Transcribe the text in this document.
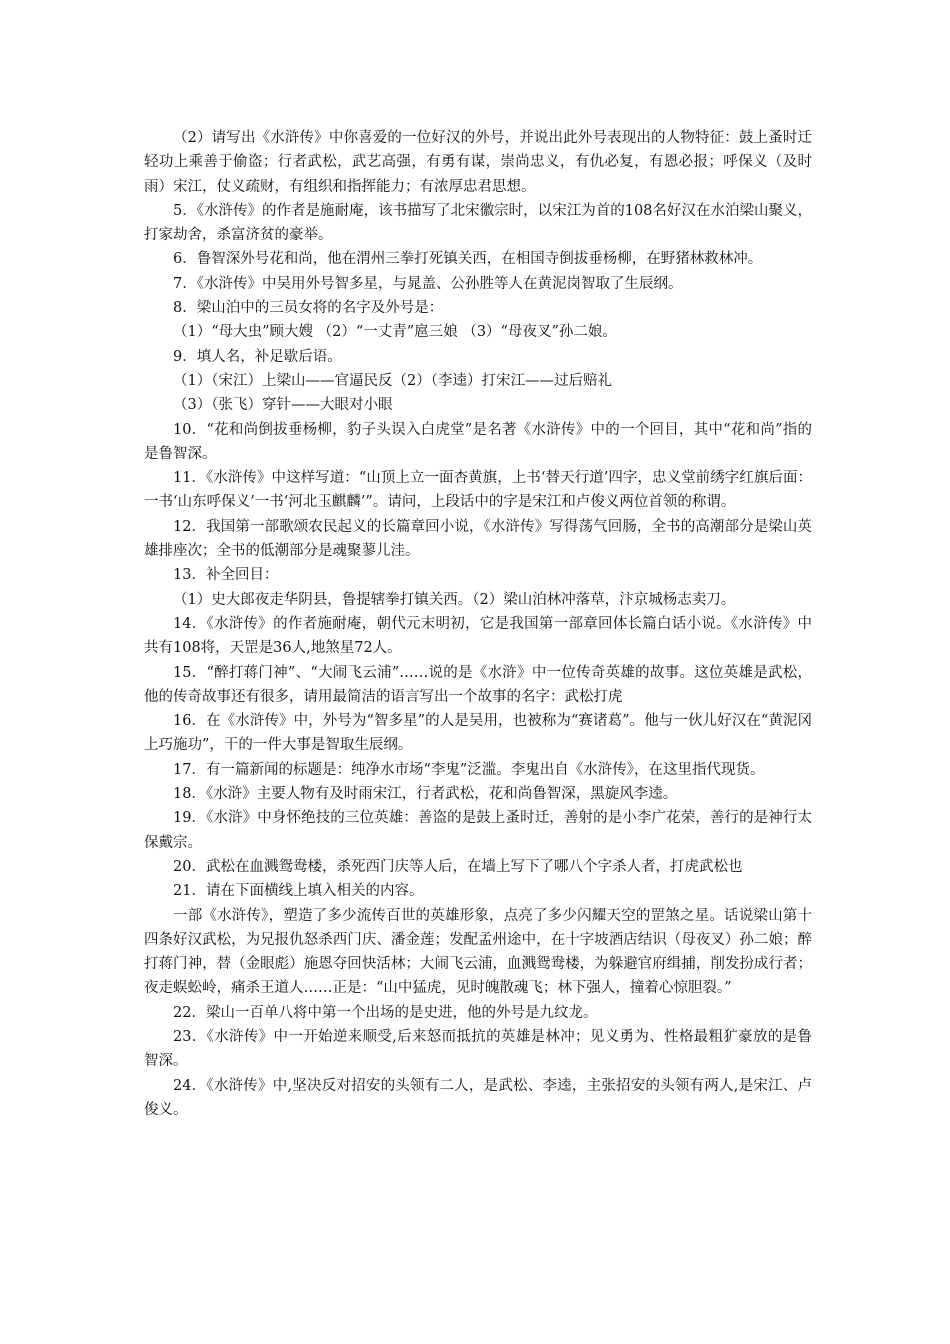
（2）请写出《水浒传》中你喜爱的一位好汉的外号，并说出此外号表现出的人物特征：鼓上蚤时迁轻功上乘善于偷盗；行者武松，武艺高强，有勇有谋，崇尚忠义，有仇必复，有恩必报；呼保义（及时雨）宋江，仗义疏财，有组织和指挥能力；有浓厚忠君思想。

5．《水浒传》的作者是施耐庵，该书描写了北宋徽宗时，以宋江为首的108名好汉在水泊梁山聚义，打家劫舍，杀富济贫的豪举。

6．鲁智深外号花和尚，他在渭州三拳打死镇关西，在相国寺倒拔垂杨柳，在野猪林救林冲。

7．《水浒传》中吴用外号智多星，与晁盖、公孙胜等人在黄泥岗智取了生辰纲。

8．梁山泊中的三员女将的名字及外号是：

（1）“母大虫”顾大嫂 （2）“一丈青”扈三娘 （3）“母夜叉”孙二娘。

9．填人名，补足歇后语。

（1）（宋江）上梁山——官逼民反（2）（李逵）打宋江——过后赔礼

（3）（张飞）穿针——大眼对小眼

10．“花和尚倒拔垂杨柳，豹子头误入白虎堂”是名著《水浒传》中的一个回目，其中“花和尚”指的是鲁智深。

11．《水浒传》中这样写道：“山顶上立一面杏黄旗，上书‘替天行道’四字，忠义堂前绣字红旗后面：一书‘山东呼保义’一书‘河北玉麒麟’”。请问，上段话中的字是宋江和卢俊义两位首领的称谓。

12．我国第一部歌颂农民起义的长篇章回小说，《水浒传》写得荡气回肠，全书的高潮部分是梁山英雄排座次；全书的低潮部分是魂聚蓼儿洼。

13．补全回目：

（1）史大郎夜走华阴县，鲁提辖拳打镇关西。（2）梁山泊林冲落草，汴京城杨志卖刀。

14．《水浒传》的作者施耐庵，朝代元末明初，它是我国第一部章回体长篇白话小说。《水浒传》中共有108将，天罡是36人,地煞星72人。

15．“醉打蒋门神”、“大闹飞云浦”……说的是《水浒》中一位传奇英雄的故事。这位英雄是武松，他的传奇故事还有很多，请用最简洁的语言写出一个故事的名字：武松打虎

16．在《水浒传》中，外号为“智多星”的人是吴用，也被称为“赛诸葛”。他与一伙儿好汉在“黄泥冈上巧施功”，干的一件大事是智取生辰纲。

17．有一篇新闻的标题是：纯净水市场“李鬼”泛滥。李鬼出自《水浒传》，在这里指代现货。

18．《水浒》主要人物有及时雨宋江，行者武松，花和尚鲁智深，黑旋风李逵。

19．《水浒》中身怀绝技的三位英雄：善盗的是鼓上蚤时迁，善射的是小李广花荣，善行的是神行太保戴宗。

20．武松在血溅鸳鸯楼，杀死西门庆等人后，在墙上写下了哪八个字杀人者，打虎武松也

21．请在下面横线上填入相关的内容。

一部《水浒传》，塑造了多少流传百世的英雄形象，点亮了多少闪耀天空的罡煞之星。话说梁山第十四条好汉武松，为兄报仇怒杀西门庆、潘金莲；发配孟州途中，在十字坡酒店结识（母夜叉）孙二娘；醉打蒋门神，替（金眼彪）施恩夺回快活林；大闹飞云浦，血溅鸳鸯楼，为躲避官府缉捕，削发扮成行者；夜走蜈蚣岭，痛杀王道人……正是：“山中猛虎，见时魄散魂飞；林下强人，撞着心惊胆裂。”

22．梁山一百单八将中第一个出场的是史进，他的外号是九纹龙。

23．《水浒传》中一开始逆来顺受,后来怒而抵抗的英雄是林冲；见义勇为、性格最粗犷豪放的是鲁智深。

24．《水浒传》中,坚决反对招安的头领有二人，是武松、李逵，主张招安的头领有两人,是宋江、卢俊义。
